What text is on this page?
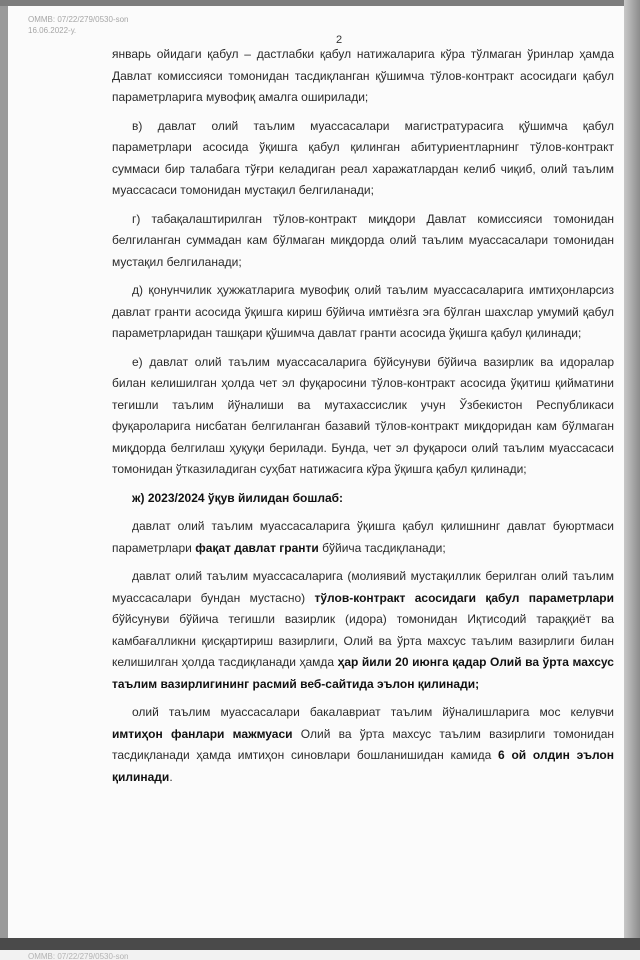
ОММВ: 07/22/279/0530-son
16.06.2022-у.
2

январь ойидаги қабул – дастлабки қабул натижаларига кўра тўлмаган ўринлар ҳамда Давлат комиссияси томонидан тасдиқланган қўшимча тўлов-контракт асосидаги қабул параметрларига мувофиқ амалга оширилади;

в) давлат олий таълим муассасалари магистратурасига қўшимча қабул параметрлари асосида ўқишга қабул қилинган абитуриентларнинг тўлов-контракт суммаси бир талабага тўғри келадиган реал харажатлардан келиб чиқиб, олий таълим муассасаси томонидан мустақил белгиланади;

г) табақалаштирилган тўлов-контракт миқдори Давлат комиссияси томонидан белгиланган суммадан кам бўлмаган миқдорда олий таълим муассасалари томонидан мустақил белгиланади;

д) қонунчилик ҳужжатларига мувофиқ олий таълим муассасаларига имтиҳонларсиз давлат гранти асосида ўқишга кириш бўйича имтиёзга эга бўлган шахслар умумий қабул параметрларидан ташқари қўшимча давлат гранти асосида ўқишга қабул қилинади;

е) давлат олий таълим муассасаларига бўйсунуви бўйича вазирлик ва идоралар билан келишилган ҳолда чет эл фуқаросини тўлов-контракт асосида ўқитиш қийматини тегишли таълим йўналиши ва мутахассислик учун Ўзбекистон Республикаси фуқароларига нисбатан белгиланган базавий тўлов-контракт миқдоридан кам бўлмаган миқдорда белгилаш ҳуқуқи берилади. Бунда, чет эл фуқароси олий таълим муассасаси томонидан ўтказиладиган суҳбат натижасига кўра ўқишга қабул қилинади;

ж) 2023/2024 ўқув йилидан бошлаб:

давлат олий таълим муассасаларига ўқишга қабул қилишнинг давлат буюртмаси параметрлари фақат давлат гранти бўйича тасдиқланади;

давлат олий таълим муассасаларига (молиявий мустақиллик берилган олий таълим муассасалари бундан мустасно) тўлов-контракт асосидаги қабул параметрлари бўйсунуви бўйича тегишли вазирлик (идора) томонидан Иқтисодий тараққиёт ва камбағалликни қисқартириш вазирлиги, Олий ва ўрта махсус таълим вазирлиги билан келишилган ҳолда тасдиқланади ҳамда ҳар йили 20 июнга қадар Олий ва ўрта махсус таълим вазирлигининг расмий веб-сайтида эълон қилинади;

олий таълим муассасалари бакалавриат таълим йўналишларига мос келувчи имтиҳон фанлари мажмуаси Олий ва ўрта махсус таълим вазирлиги томонидан тасдиқланади ҳамда имтиҳон синовлари бошланишидан камида 6 ой олдин эълон қилинади.

ОММВ: 07/22/279/0530-son
